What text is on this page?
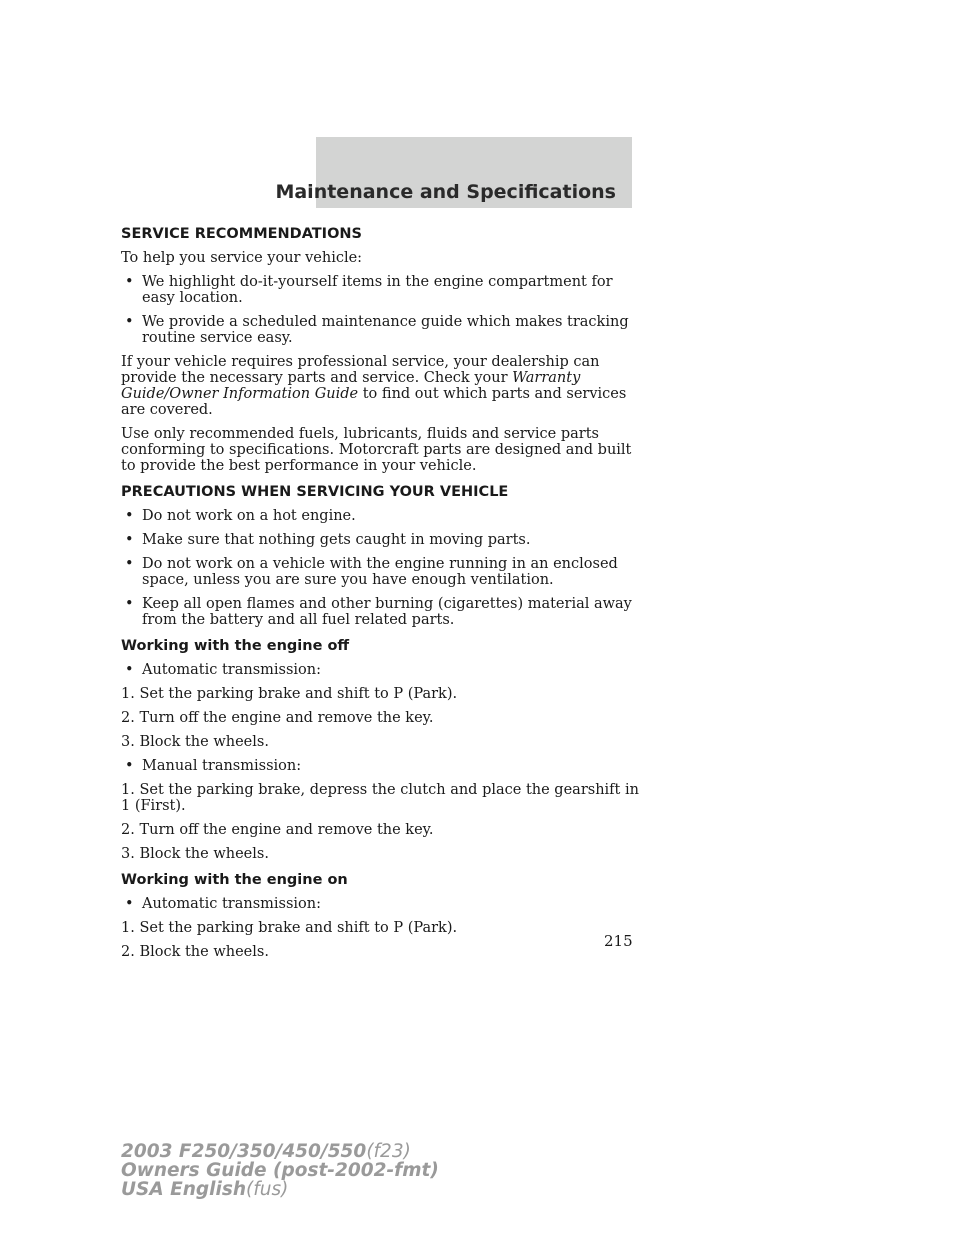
Maintenance and Specifications
SERVICE RECOMMENDATIONS
To help you service your vehicle:
• We highlight do-it-yourself items in the engine compartment for easy location.
• We provide a scheduled maintenance guide which makes tracking routine service easy.
If your vehicle requires professional service, your dealership can provide the necessary parts and service. Check your Warranty Guide/Owner Information Guide to find out which parts and services are covered.
Use only recommended fuels, lubricants, fluids and service parts conforming to specifications. Motorcraft parts are designed and built to provide the best performance in your vehicle.
PRECAUTIONS WHEN SERVICING YOUR VEHICLE
• Do not work on a hot engine.
• Make sure that nothing gets caught in moving parts.
• Do not work on a vehicle with the engine running in an enclosed space, unless you are sure you have enough ventilation.
• Keep all open flames and other burning (cigarettes) material away from the battery and all fuel related parts.
Working with the engine off
• Automatic transmission:
1. Set the parking brake and shift to P (Park).
2. Turn off the engine and remove the key.
3. Block the wheels.
• Manual transmission:
1. Set the parking brake, depress the clutch and place the gearshift in 1 (First).
2. Turn off the engine and remove the key.
3. Block the wheels.
Working with the engine on
• Automatic transmission:
1. Set the parking brake and shift to P (Park).
2. Block the wheels.
215
2003 F250/350/450/550(f23)
Owners Guide (post-2002-fmt)
USA English(fus)
